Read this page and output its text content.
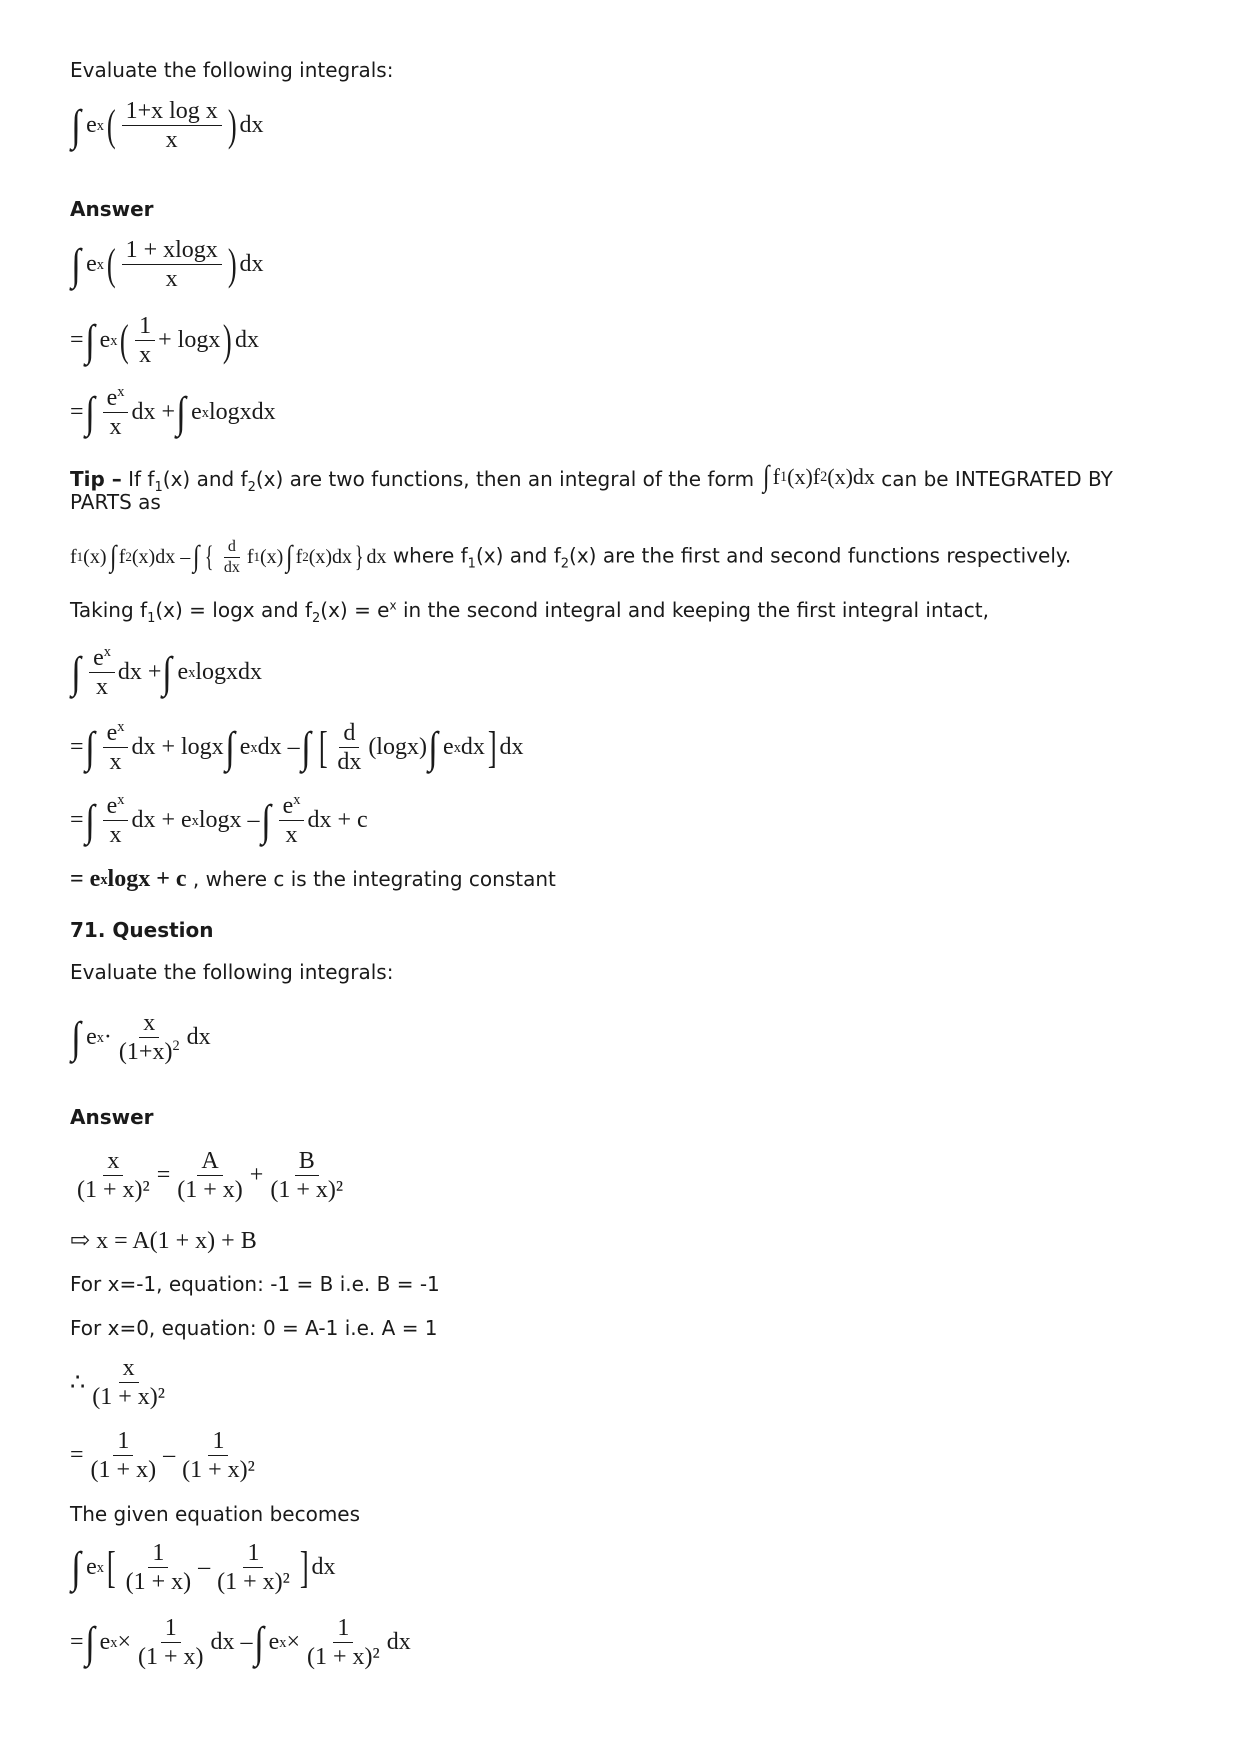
Evaluate the following integrals:
∫ e x ( $\frac{\text{1+x log x}}{x}$ ) dx
Answer
∫ e x ( $\frac{1 + xlogx}{x}$ ) dx
= ∫ e x ( $\frac{1}{x} + \log x$ ) dx
= ∫ $\frac{e^x}{x}$ dx + ∫ e x logxdx
Tip – If $f_1(x)$ and $f_2(x)$ are two functions, then an integral of the form ∫ f 1 (x)f 2 (x)dx can be INTEGRATED BY
PARTS as
f 1 (x) ∫ f 2 (x)dx – ∫ { $\frac{d}{dx}$ f 1 (x) ∫ f 2 (x)dx } dx where $f_1(x)$ and $f_2(x)$ are the first and second functions respectively.
Taking $f_1(x) = \log x$ and $f_2(x) = e^x$ in the second integral and keeping the first integral intact,
∫ $\frac{e^x}{x}$ dx + ∫ e x logxdx
= ∫ $\frac{e^x}{x}$ dx + logx ∫ e x dx – ∫ [ $\frac{d}{dx} (\log x)$ ∫ e x dx ] dx
= ∫ $\frac{e^x}{x}$ dx + e x logx – ∫ $\frac{e^x}{x}$ dx + c
= e x logx + c , where c is the integrating constant
71. Question
Evaluate the following integrals:
∫ e $x \cdot \frac{x}{(1+x)^2}$ dx
Answer
$\frac{x}{\text{(1 + x)²}} = \frac{A}{(1 + x)} + \frac{B}{\text{(1 + x)²}}$
⇨ x = A(1 + x) + B
For x=-1, equation: -1 = B i.e. B = -1
For x=0, equation: 0 = A-1 i.e. A = 1
∴ $\frac{x}{\text{(1 + x)²}}$
= $\frac{1}{(1 + x)} - \frac{1}{\text{(1 + x)²}}$
The given equation becomes
∫ e x [ $\frac{1}{(1 + x)} - \frac{1}{\text{(1 + x)²}}$ ] dx
= ∫ e $x \times \frac{1}{(1 + x)}$ dx – ∫ e $x \times \frac{1}{\text{(1 + x)²}}$ dx
